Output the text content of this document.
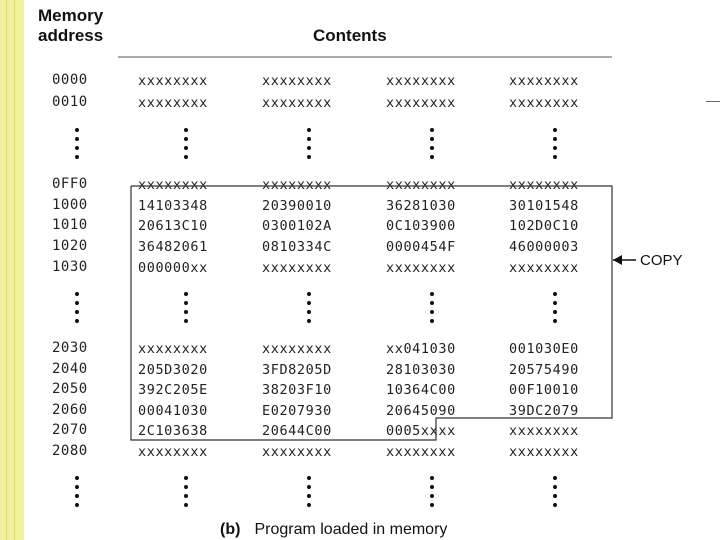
Memory
address	Contents
0000	xxxxxxxx	xxxxxxxx	xxxxxxxx	xxxxxxxx
0010	xxxxxxxx	xxxxxxxx	xxxxxxxx	xxxxxxxx
0FF0	xxxxxxxx	xxxxxxxx	xxxxxxxx	xxxxxxxx
1000	14103348	20390010	36281030	30101548
1010	20613C10	0300102A	0C103900	102D0C10
1020	36482061	0810334C	0000454F	46000003
1030	000000xx	xxxxxxxx	xxxxxxxx	xxxxxxxx
2030	xxxxxxxx	xxxxxxxx	xx041030	001030E0
2040	205D3020	3FD8205D	28103030	20575490
2050	392C205E	38203F10	10364C00	00F10010
2060	00041030	E0207930	20645090	39DC2079
2070	2C103638	20644C00	0005xxxx	xxxxxxxx
2080	xxxxxxxx	xxxxxxxx	xxxxxxxx	xxxxxxxx
COPY
(b) Program loaded in memory
